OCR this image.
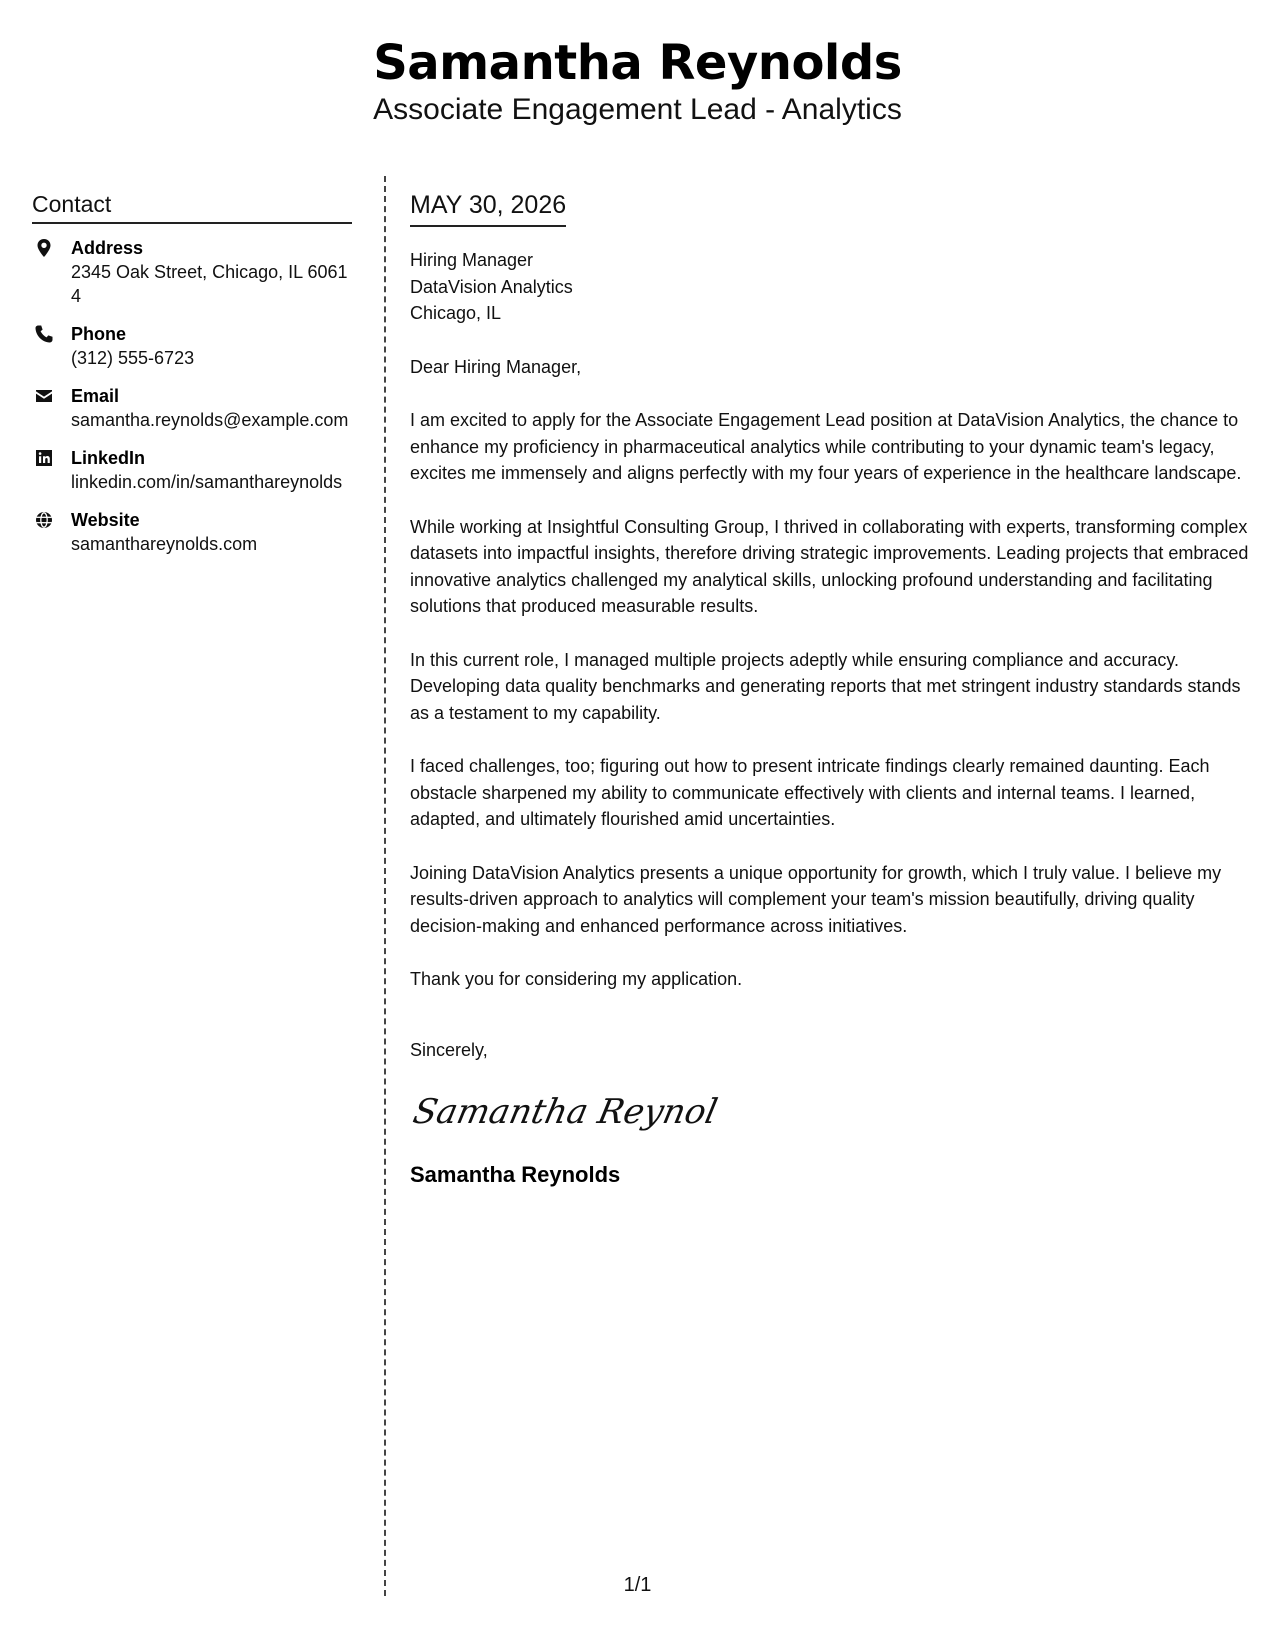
Samantha Reynolds
Associate Engagement Lead - Analytics
Contact
Address
2345 Oak Street, Chicago, IL 60614
Phone
(312) 555-6723
Email
samantha.reynolds@example.com
LinkedIn
linkedin.com/in/samanthareynolds
Website
samanthareynolds.com
MAY 30, 2026
Hiring Manager
DataVision Analytics
Chicago, IL
Dear Hiring Manager,

I am excited to apply for the Associate Engagement Lead position at DataVision Analytics, the chance to enhance my proficiency in pharmaceutical analytics while contributing to your dynamic team's legacy, excites me immensely and aligns perfectly with my four years of experience in the healthcare landscape.

While working at Insightful Consulting Group, I thrived in collaborating with experts, transforming complex datasets into impactful insights, therefore driving strategic improvements. Leading projects that embraced innovative analytics challenged my analytical skills, unlocking profound understanding and facilitating solutions that produced measurable results.

In this current role, I managed multiple projects adeptly while ensuring compliance and accuracy. Developing data quality benchmarks and generating reports that met stringent industry standards stands as a testament to my capability.

I faced challenges, too; figuring out how to present intricate findings clearly remained daunting. Each obstacle sharpened my ability to communicate effectively with clients and internal teams. I learned, adapted, and ultimately flourished amid uncertainties.

Joining DataVision Analytics presents a unique opportunity for growth, which I truly value. I believe my results-driven approach to analytics will complement your team's mission beautifully, driving quality decision-making and enhanced performance across initiatives.

Thank you for considering my application.

Sincerely,
Samantha Reynol
Samantha Reynolds
1/1
